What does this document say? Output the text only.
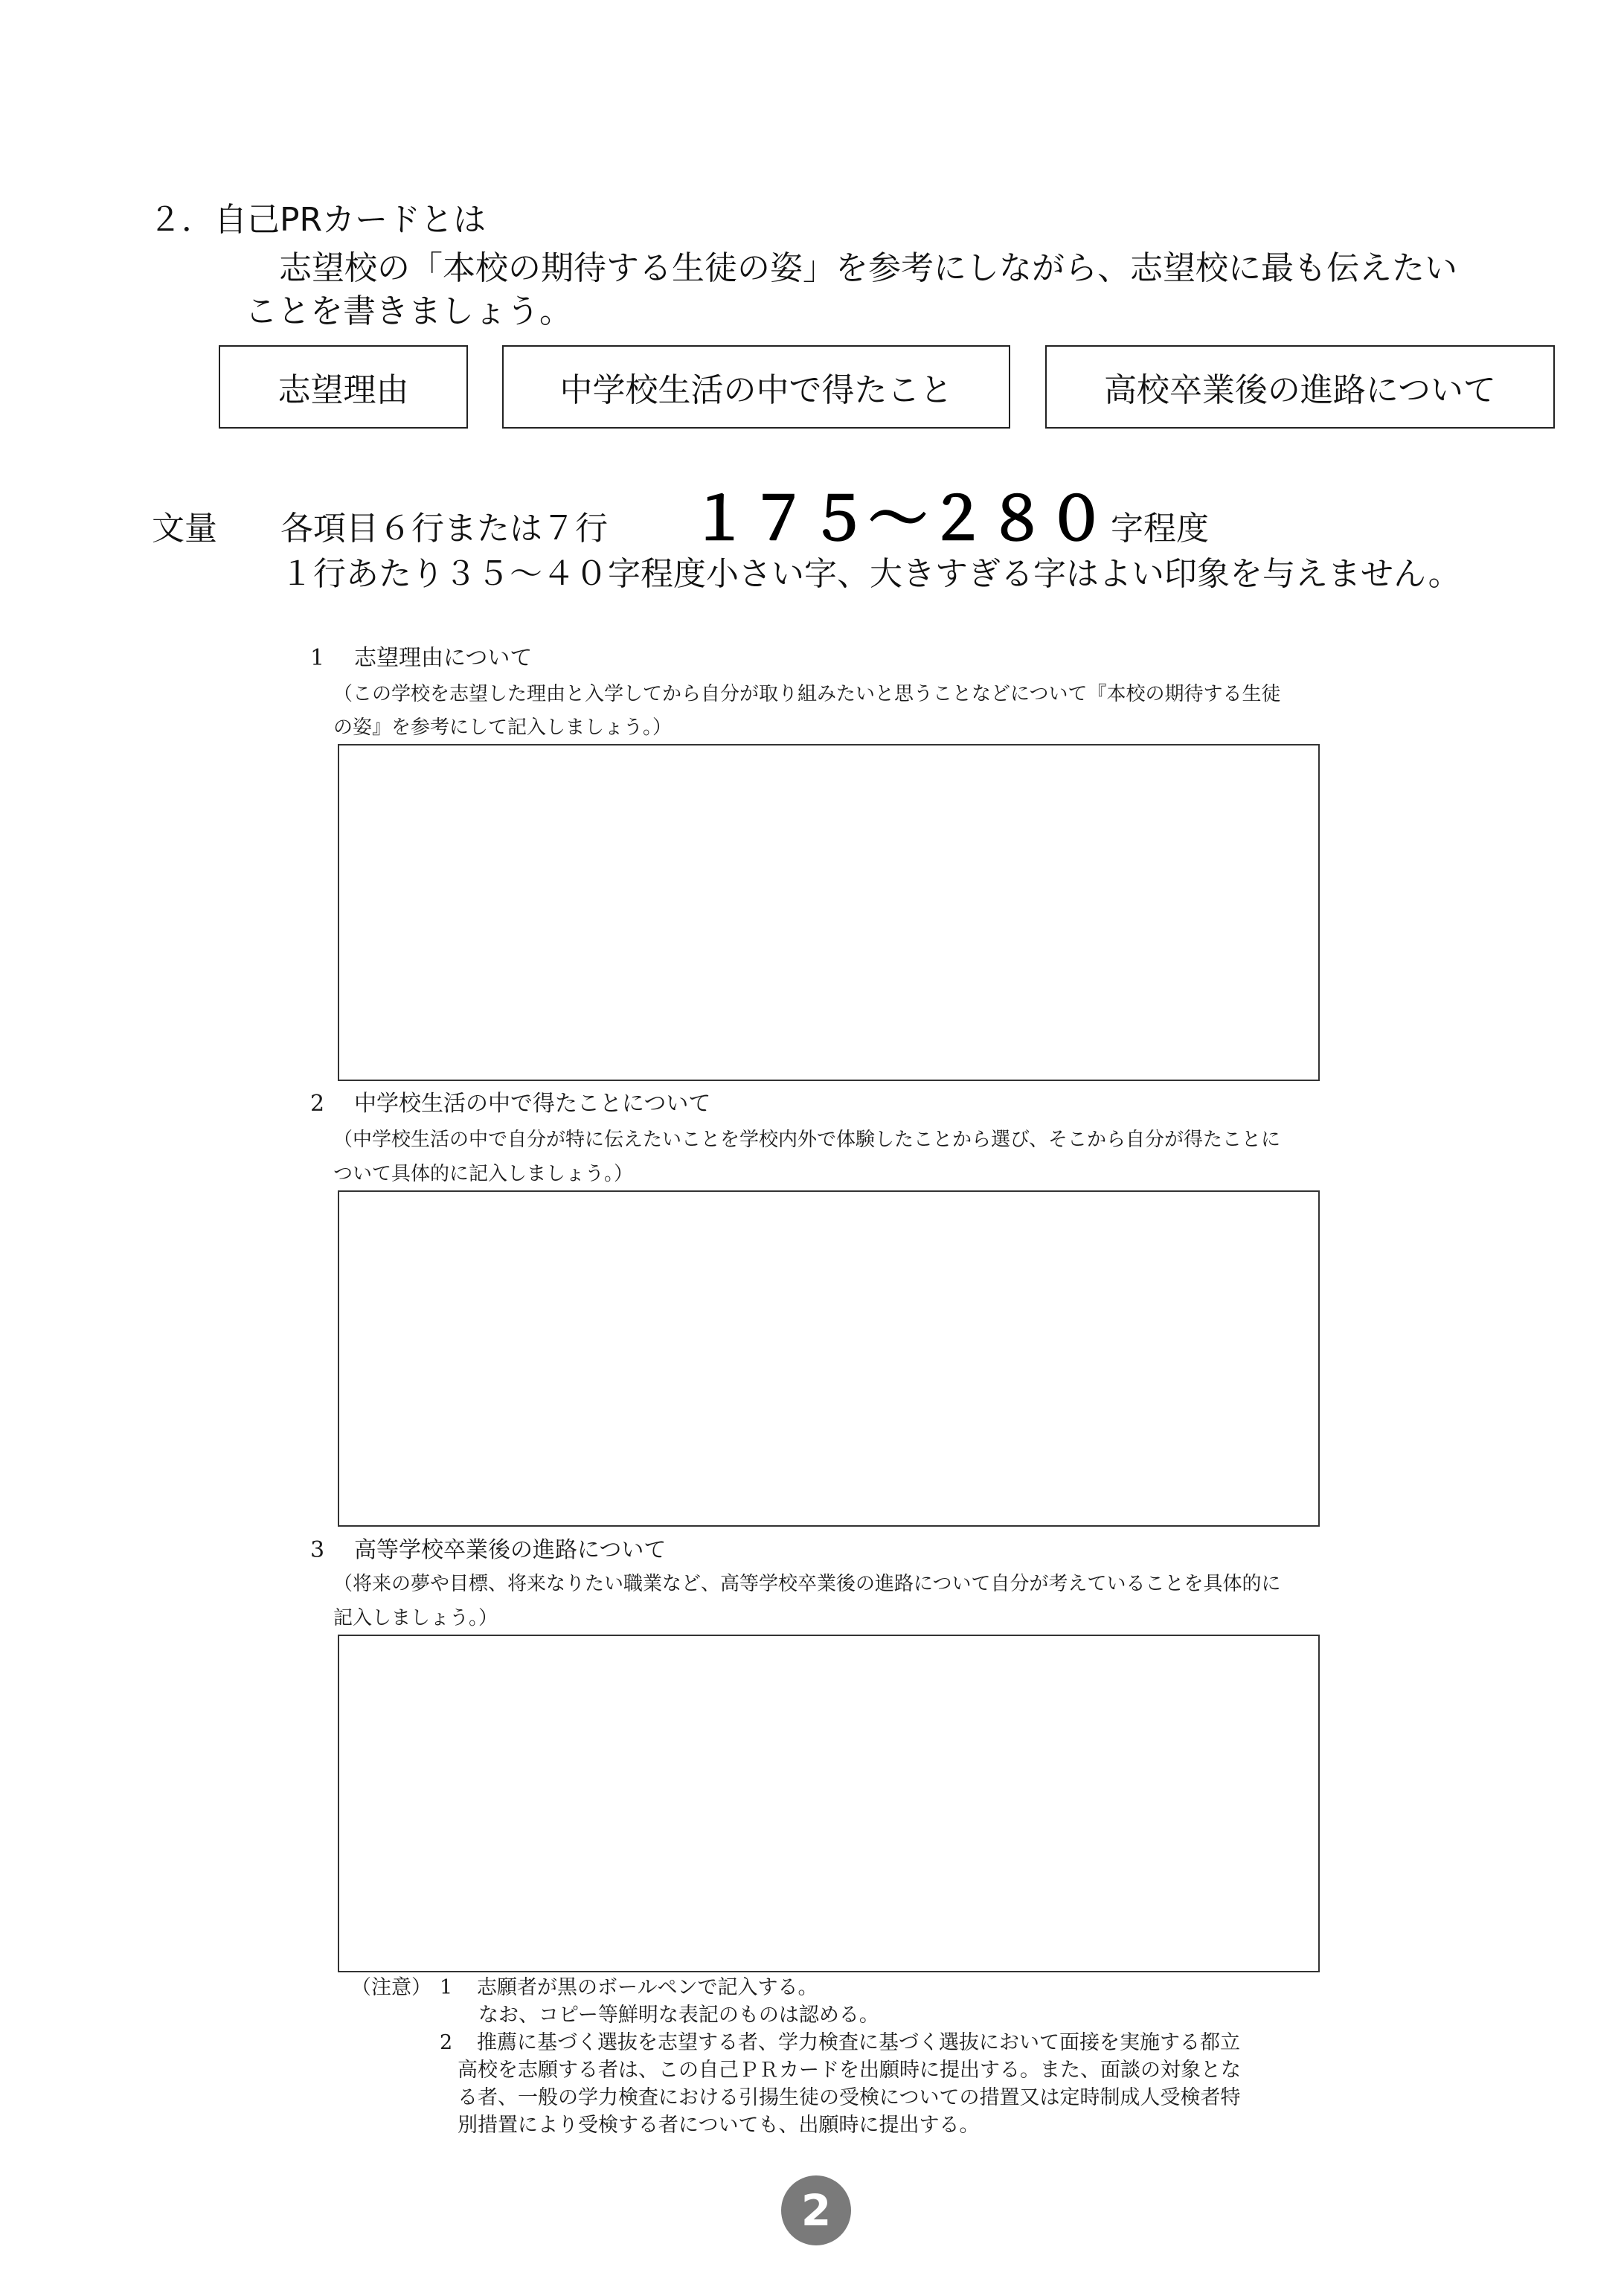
２．自己PRカードとは
志望校の「本校の期待する生徒の姿」を参考にしながら、志望校に最も伝えたい
ことを書きましょう。
志望理由	中学校生活の中で得たこと	高校卒業後の進路について
文量	各項目６行または７行	１７５〜２８０ 字程度
１行あたり３５〜４０字程度小さい字、大きすぎる字はよい印象を与えません。
1 志望理由について
（この学校を志望した理由と入学してから自分が取り組みたいと思うことなどについて『本校の期待する生徒
の姿』を参考にして記入しましょう。）
2 中学校生活の中で得たことについて
（中学校生活の中で自分が特に伝えたいことを学校内外で体験したことから選び、そこから自分が得たことに
ついて具体的に記入しましょう。）
3 高等学校卒業後の進路について
（将来の夢や目標、将来なりたい職業など、高等学校卒業後の進路について自分が考えていることを具体的に
記入しましょう。）
（注意） 1 志願者が黒のボールペンで記入する。
なお、コピー等鮮明な表記のものは認める。
2 推薦に基づく選抜を志望する者、学力検査に基づく選抜において面接を実施する都立
高校を志願する者は、この自己ＰＲカードを出願時に提出する。また、面談の対象とな
る者、一般の学力検査における引揚生徒の受検についての措置又は定時制成人受検者特
別措置により受検する者についても、出願時に提出する。
2
